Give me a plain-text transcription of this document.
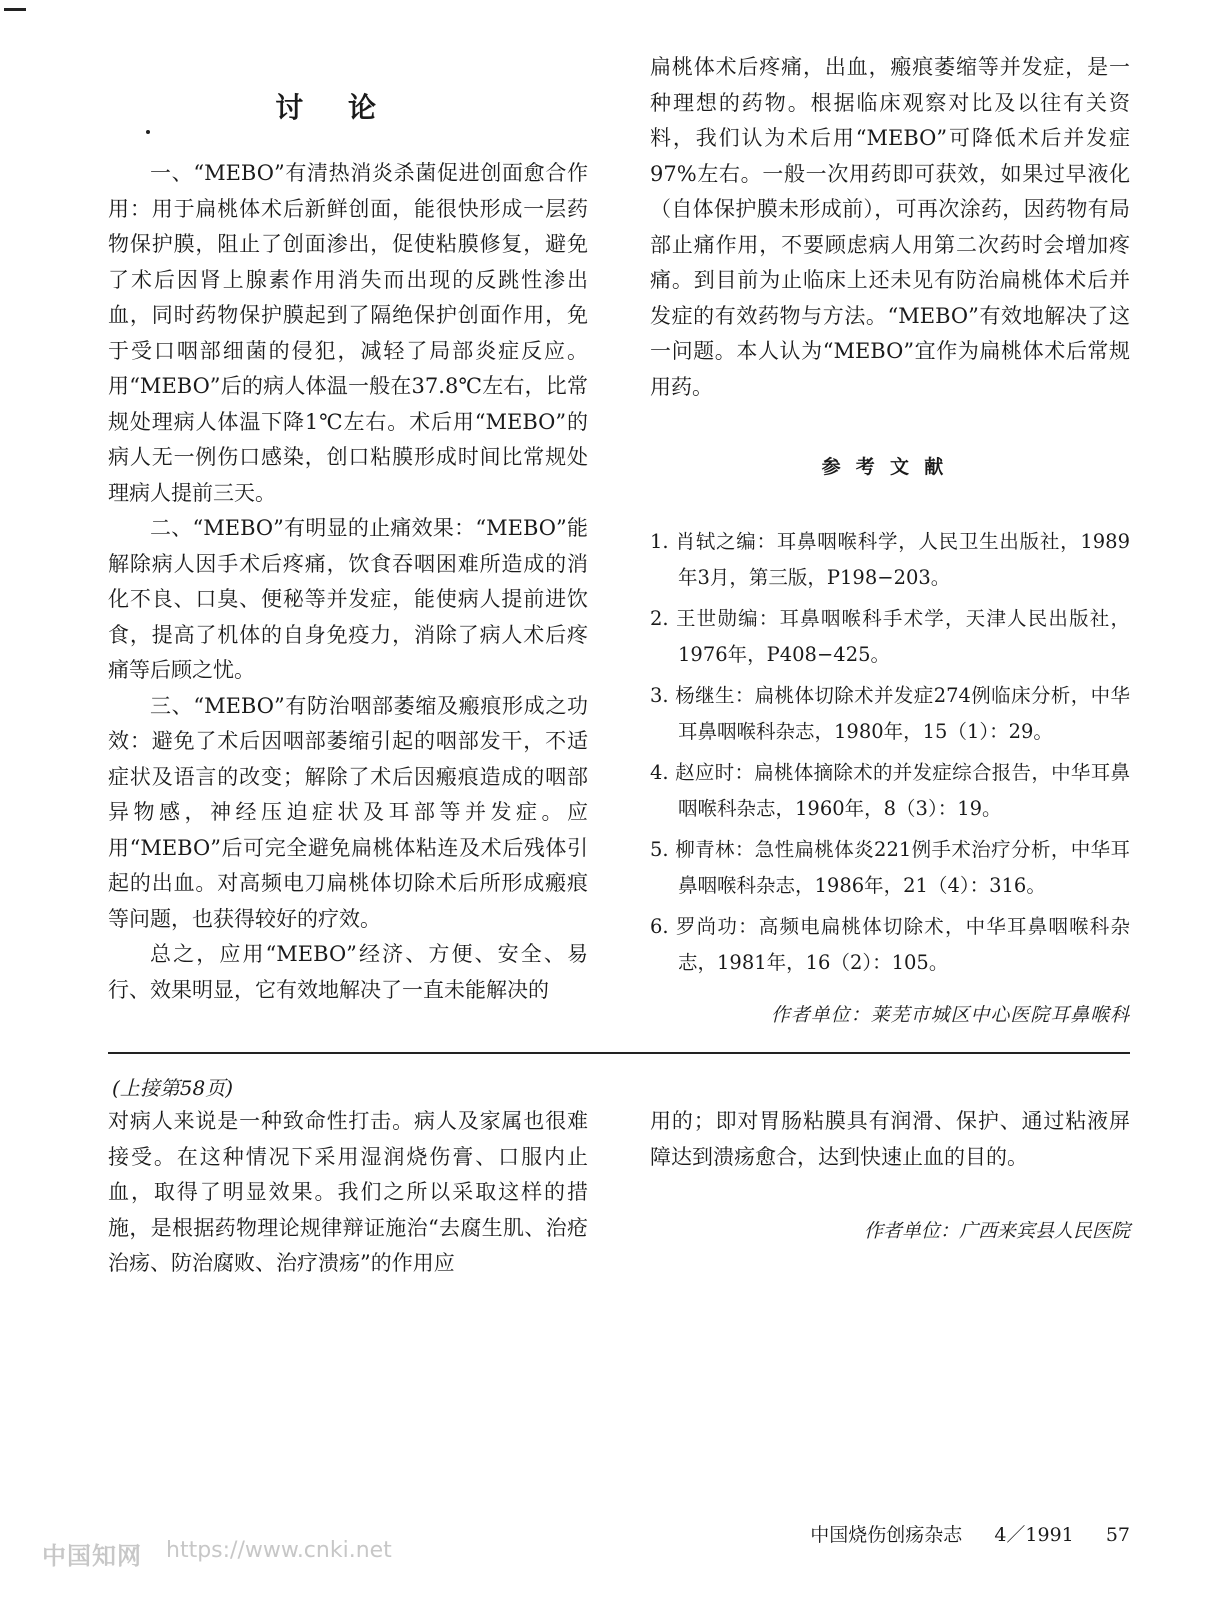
讨论

一、“MEBO”有清热消炎杀菌促进创面愈合作用：用于扁桃体术后新鲜创面，能很快形成一层药物保护膜，阻止了创面渗出，促使粘膜修复，避免了术后因肾上腺素作用消失而出现的反跳性渗出血，同时药物保护膜起到了隔绝保护创面作用，免于受口咽部细菌的侵犯，减轻了局部炎症反应。用“MEBO”后的病人体温一般在37.8℃左右，比常规处理病人体温下降1℃左右。术后用“MEBO”的病人无一例伤口感染，创口粘膜形成时间比常规处理病人提前三天。

二、“MEBO”有明显的止痛效果：“MEBO”能解除病人因手术后疼痛，饮食吞咽困难所造成的消化不良、口臭、便秘等并发症，能使病人提前进饮食，提高了机体的自身免疫力，消除了病人术后疼痛等后顾之忧。

三、“MEBO”有防治咽部萎缩及瘢痕形成之功效：避免了术后因咽部萎缩引起的咽部发干，不适症状及语言的改变；解除了术后因瘢痕造成的咽部异物感，神经压迫症状及耳部等并发症。应用“MEBO”后可完全避免扁桃体粘连及术后残体引起的出血。对高频电刀扁桃体切除术后所形成瘢痕等问题，也获得较好的疗效。

总之，应用“MEBO”经济、方便、安全、易行、效果明显，它有效地解决了一直未能解决的

扁桃体术后疼痛，出血，瘢痕萎缩等并发症，是一种理想的药物。根据临床观察对比及以往有关资料，我们认为术后用“MEBO”可降低术后并发症97%左右。一般一次用药即可获效，如果过早液化（自体保护膜未形成前），可再次涂药，因药物有局部止痛作用，不要顾虑病人用第二次药时会增加疼痛。到目前为止临床上还未见有防治扁桃体术后并发症的有效药物与方法。“MEBO”有效地解决了这一问题。本人认为“MEBO”宜作为扁桃体术后常规用药。

参考文献
1. 肖轼之编：耳鼻咽喉科学，人民卫生出版社，1989年3月，第三版，P198−203。
2. 王世勋编：耳鼻咽喉科手术学，天津人民出版社，1976年，P408−425。
3. 杨继生：扁桃体切除术并发症274例临床分析，中华耳鼻咽喉科杂志，1980年，15（1）：29。
4. 赵应时：扁桃体摘除术的并发症综合报告，中华耳鼻咽喉科杂志，1960年，8（3）：19。
5. 柳青林：急性扁桃体炎221例手术治疗分析，中华耳鼻咽喉科杂志，1986年，21（4）：316。
6. 罗尚功：高频电扁桃体切除术，中华耳鼻咽喉科杂志，1981年，16（2）：105。
作者单位：莱芜市城区中心医院耳鼻喉科
(上接第58页)
对病人来说是一种致命性打击。病人及家属也很难接受。在这种情况下采用湿润烧伤膏、口服内止血，取得了明显效果。我们之所以采取这样的措施，是根据药物理论规律辩证施治“去腐生肌、治疮治疡、防治腐败、治疗溃疡”的作用应
用的；即对胃肠粘膜具有润滑、保护、通过粘液屏障达到溃疡愈合，达到快速止血的目的。
作者单位：广西来宾县人民医院
中国知网 https://www.cnki.net
中国烧伤创疡杂志 4／1991 57
